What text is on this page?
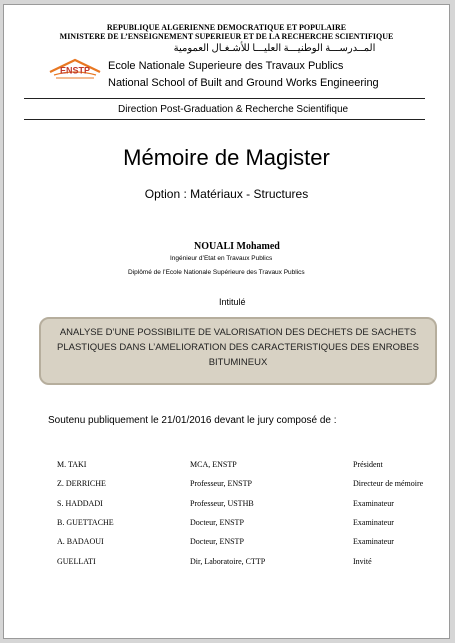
REPUBLIQUE ALGERIENNE DEMOCRATIQUE ET POPULAIRE
MINISTERE DE L’ENSEIGNEMENT SUPERIEUR ET DE LA RECHERCHE SCIENTIFIQUE
المــدرســـة الوطنيـــة العليـــا للأشـغـال العمومية
ENSTP Ecole Nationale Superieure des Travaux Publics
National School of Built and Ground Works Engineering
Direction Post-Graduation & Recherche Scientifique
Mémoire de Magister
Option : Matériaux - Structures
NOUALI Mohamed
Ingénieur d’Etat en Travaux Publics
Diplômé de l’Ecole Nationale Supérieure des Travaux Publics
Intitulé
ANALYSE D’UNE POSSIBILITE DE VALORISATION DES DECHETS DE SACHETS
PLASTIQUES DANS L’AMELIORATION DES CARACTERISTIQUES DES ENROBES
BITUMINEUX
Soutenu publiquement le 21/01/2016 devant le jury composé de :
M. TAKI	MCA, ENSTP	Président
Z. DERRICHE	Professeur, ENSTP	Directeur de mémoire
S. HADDADI	Professeur, USTHB	Examinateur
B. GUETTACHE	Docteur, ENSTP	Examinateur
A. BADAOUI	Docteur, ENSTP	Examinateur
GUELLATI	Dir, Laboratoire, CTTP	Invité
